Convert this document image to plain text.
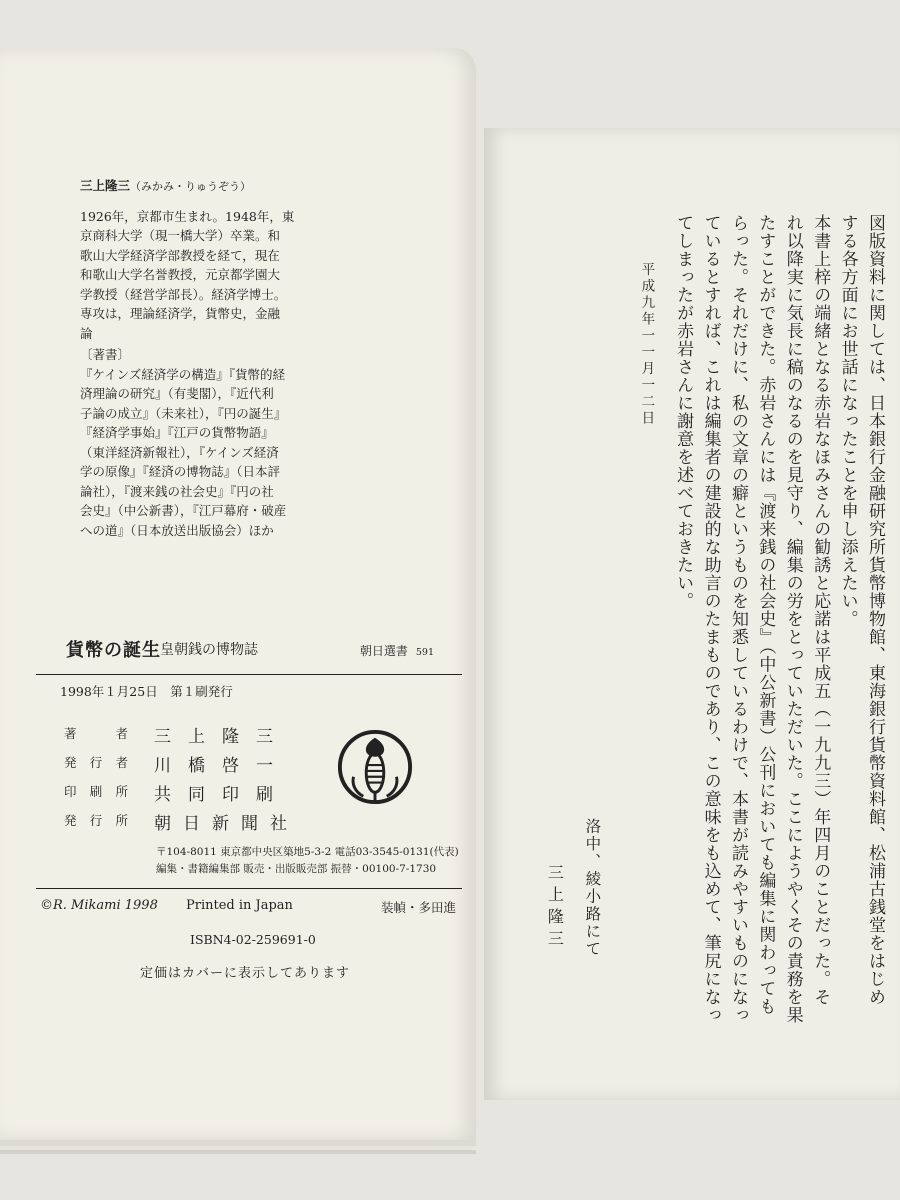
三上隆三（みかみ・りゅうぞう）

1926年，京都市生まれ。1948年，東

京商科大学（現一橋大学）卒業。和

歌山大学経済学部教授を経て，現在

和歌山大学名誉教授，元京都学園大

学教授（経営学部長）。経済学博士。

専攻は，理論経済学，貨幣史，金融

論

〔著書〕

『ケインズ経済学の構造』『貨幣的経

済理論の研究』（有斐閣），『近代利

子論の成立』（未来社），『円の誕生』

『経済学事始』『江戸の貨幣物語』

（東洋経済新報社），『ケインズ経済

学の原像』『経済の博物誌』（日本評

論社），『渡来銭の社会史』『円の社

会史』（中公新書），『江戸幕府・破産

への道』（日本放送出版協会）ほか

貨幣の誕生 皇朝銭の博物誌	朝日選書 591
1998年１月25日　第１刷発行
著　者 三上隆三
発行者 川橋啓一
印刷所 共同印刷
発行所 朝日新聞社
〒104-8011 東京都中央区築地5-3-2 電話03-3545-0131(代表)
編集・書籍編集部 販売・出版販売部 振替・00100-7-1730
©R. Mikami 1998 Printed in Japan	装幀・多田進
ISBN4-02-259691-0
定価はカバーに表示してあります	図版資料に関しては、日本銀行金融研究所貨幣博物館、東海銀行貨幣資料館、松浦古銭堂をはじめ
する各方面にお世話になったことを申し添えたい。
本書上梓の端緒となる赤岩なほみさんの勧誘と応諾は平成五（一九九三）年四月のことだった。そ
れ以降実に気長に稿のなるのを見守り、編集の労をとっていただいた。ここにようやくその責務を果
たすことができた。赤岩さんには『渡来銭の社会史』（中公新書）公刊においても編集に関わっても
らった。それだけに、私の文章の癖というものを知悉しているわけで、本書が読みやすいものになっ
ているとすれば、これは編集者の建設的な助言のたまものであり、この意味をも込めて、筆尻になっ
てしまったが赤岩さんに謝意を述べておきたい。
平成九年一一月一二日
洛中、綾小路にて
三上隆三
